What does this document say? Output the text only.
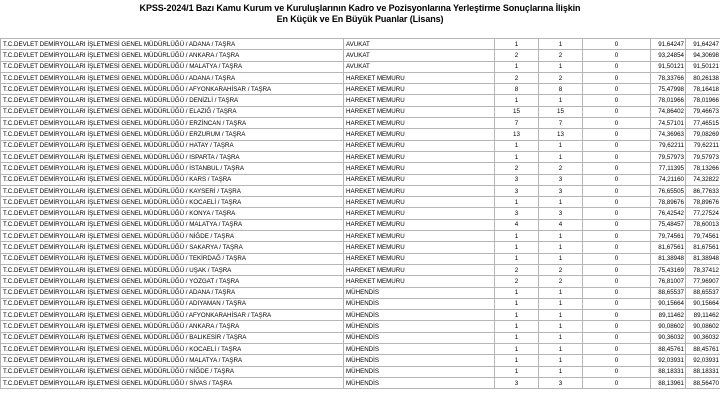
KPSS-2024/1 Bazı Kamu Kurum ve Kuruluşlarının Kadro ve Pozisyonlarına Yerleştirme Sonuçlarına İlişkin
En Küçük ve En Büyük Puanlar (Lisans)
T.C.DEVLET DEMİRYOLLARI İŞLETMESİ GENEL MÜDÜRLÜĞÜ / ADANA / TAŞRA	AVUKAT	1	1	0	91,64247	91,64247
T.C.DEVLET DEMİRYOLLARI İŞLETMESİ GENEL MÜDÜRLÜĞÜ / ANKARA / TAŞRA	AVUKAT	2	2	0	93,24854	94,30698
T.C.DEVLET DEMİRYOLLARI İŞLETMESİ GENEL MÜDÜRLÜĞÜ / MALATYA / TAŞRA	AVUKAT	1	1	0	91,50121	91,50121
T.C.DEVLET DEMİRYOLLARI İŞLETMESİ GENEL MÜDÜRLÜĞÜ / ADANA / TAŞRA	HAREKET MEMURU	2	2	0	78,33766	80,26138
T.C.DEVLET DEMİRYOLLARI İŞLETMESİ GENEL MÜDÜRLÜĞÜ / AFYONKARAHİSAR / TAŞRA	HAREKET MEMURU	8	8	0	75,47998	78,16418
T.C.DEVLET DEMİRYOLLARI İŞLETMESİ GENEL MÜDÜRLÜĞÜ / DENİZLİ / TAŞRA	HAREKET MEMURU	1	1	0	78,01966	78,01966
T.C.DEVLET DEMİRYOLLARI İŞLETMESİ GENEL MÜDÜRLÜĞÜ / ELAZIĞ / TAŞRA	HAREKET MEMURU	15	15	0	74,86402	79,46673
T.C.DEVLET DEMİRYOLLARI İŞLETMESİ GENEL MÜDÜRLÜĞÜ / ERZİNCAN / TAŞRA	HAREKET MEMURU	7	7	0	74,57101	77,46515
T.C.DEVLET DEMİRYOLLARI İŞLETMESİ GENEL MÜDÜRLÜĞÜ / ERZURUM / TAŞRA	HAREKET MEMURU	13	13	0	74,36963	79,08269
T.C.DEVLET DEMİRYOLLARI İŞLETMESİ GENEL MÜDÜRLÜĞÜ / HATAY / TAŞRA	HAREKET MEMURU	1	1	0	79,62211	79,62211
T.C.DEVLET DEMİRYOLLARI İŞLETMESİ GENEL MÜDÜRLÜĞÜ / ISPARTA / TAŞRA	HAREKET MEMURU	1	1	0	79,57973	79,57973
T.C.DEVLET DEMİRYOLLARI İŞLETMESİ GENEL MÜDÜRLÜĞÜ / İSTANBUL / TAŞRA	HAREKET MEMURU	2	2	0	77,11395	78,13266
T.C.DEVLET DEMİRYOLLARI İŞLETMESİ GENEL MÜDÜRLÜĞÜ / KARS / TAŞRA	HAREKET MEMURU	3	3	0	74,21160	74,32822
T.C.DEVLET DEMİRYOLLARI İŞLETMESİ GENEL MÜDÜRLÜĞÜ / KAYSERİ / TAŞRA	HAREKET MEMURU	3	3	0	76,65505	86,77633
T.C.DEVLET DEMİRYOLLARI İŞLETMESİ GENEL MÜDÜRLÜĞÜ / KOCAELİ / TAŞRA	HAREKET MEMURU	1	1	0	78,89676	78,89676
T.C.DEVLET DEMİRYOLLARI İŞLETMESİ GENEL MÜDÜRLÜĞÜ / KONYA / TAŞRA	HAREKET MEMURU	3	3	0	76,42542	77,27524
T.C.DEVLET DEMİRYOLLARI İŞLETMESİ GENEL MÜDÜRLÜĞÜ / MALATYA / TAŞRA	HAREKET MEMURU	4	4	0	75,48457	78,60013
T.C.DEVLET DEMİRYOLLARI İŞLETMESİ GENEL MÜDÜRLÜĞÜ / NİĞDE / TAŞRA	HAREKET MEMURU	1	1	0	79,74561	79,74561
T.C.DEVLET DEMİRYOLLARI İŞLETMESİ GENEL MÜDÜRLÜĞÜ / SAKARYA / TAŞRA	HAREKET MEMURU	1	1	0	81,67561	81,67561
T.C.DEVLET DEMİRYOLLARI İŞLETMESİ GENEL MÜDÜRLÜĞÜ / TEKİRDAĞ / TAŞRA	HAREKET MEMURU	1	1	0	81,38948	81,38948
T.C.DEVLET DEMİRYOLLARI İŞLETMESİ GENEL MÜDÜRLÜĞÜ / UŞAK / TAŞRA	HAREKET MEMURU	2	2	0	75,43169	78,37412
T.C.DEVLET DEMİRYOLLARI İŞLETMESİ GENEL MÜDÜRLÜĞÜ / YOZGAT / TAŞRA	HAREKET MEMURU	2	2	0	76,81007	77,96907
T.C.DEVLET DEMİRYOLLARI İŞLETMESİ GENEL MÜDÜRLÜĞÜ / ADANA / TAŞRA	MÜHENDİS	1	1	0	88,65537	88,65537
T.C.DEVLET DEMİRYOLLARI İŞLETMESİ GENEL MÜDÜRLÜĞÜ / ADIYAMAN / TAŞRA	MÜHENDİS	1	1	0	90,15664	90,15664
T.C.DEVLET DEMİRYOLLARI İŞLETMESİ GENEL MÜDÜRLÜĞÜ / AFYONKARAHİSAR / TAŞRA	MÜHENDİS	1	1	0	89,11462	89,11462
T.C.DEVLET DEMİRYOLLARI İŞLETMESİ GENEL MÜDÜRLÜĞÜ / ANKARA / TAŞRA	MÜHENDİS	1	1	0	90,08602	90,08602
T.C.DEVLET DEMİRYOLLARI İŞLETMESİ GENEL MÜDÜRLÜĞÜ / BALIKESİR / TAŞRA	MÜHENDİS	1	1	0	90,36032	90,36032
T.C.DEVLET DEMİRYOLLARI İŞLETMESİ GENEL MÜDÜRLÜĞÜ / KOCAELİ / TAŞRA	MÜHENDİS	1	1	0	88,45761	88,45761
T.C.DEVLET DEMİRYOLLARI İŞLETMESİ GENEL MÜDÜRLÜĞÜ / MALATYA / TAŞRA	MÜHENDİS	1	1	0	92,03931	92,03931
T.C.DEVLET DEMİRYOLLARI İŞLETMESİ GENEL MÜDÜRLÜĞÜ / NİĞDE / TAŞRA	MÜHENDİS	1	1	0	88,18331	88,18331
T.C.DEVLET DEMİRYOLLARI İŞLETMESİ GENEL MÜDÜRLÜĞÜ / SİVAS / TAŞRA	MÜHENDİS	3	3	0	88,13961	88,56470
